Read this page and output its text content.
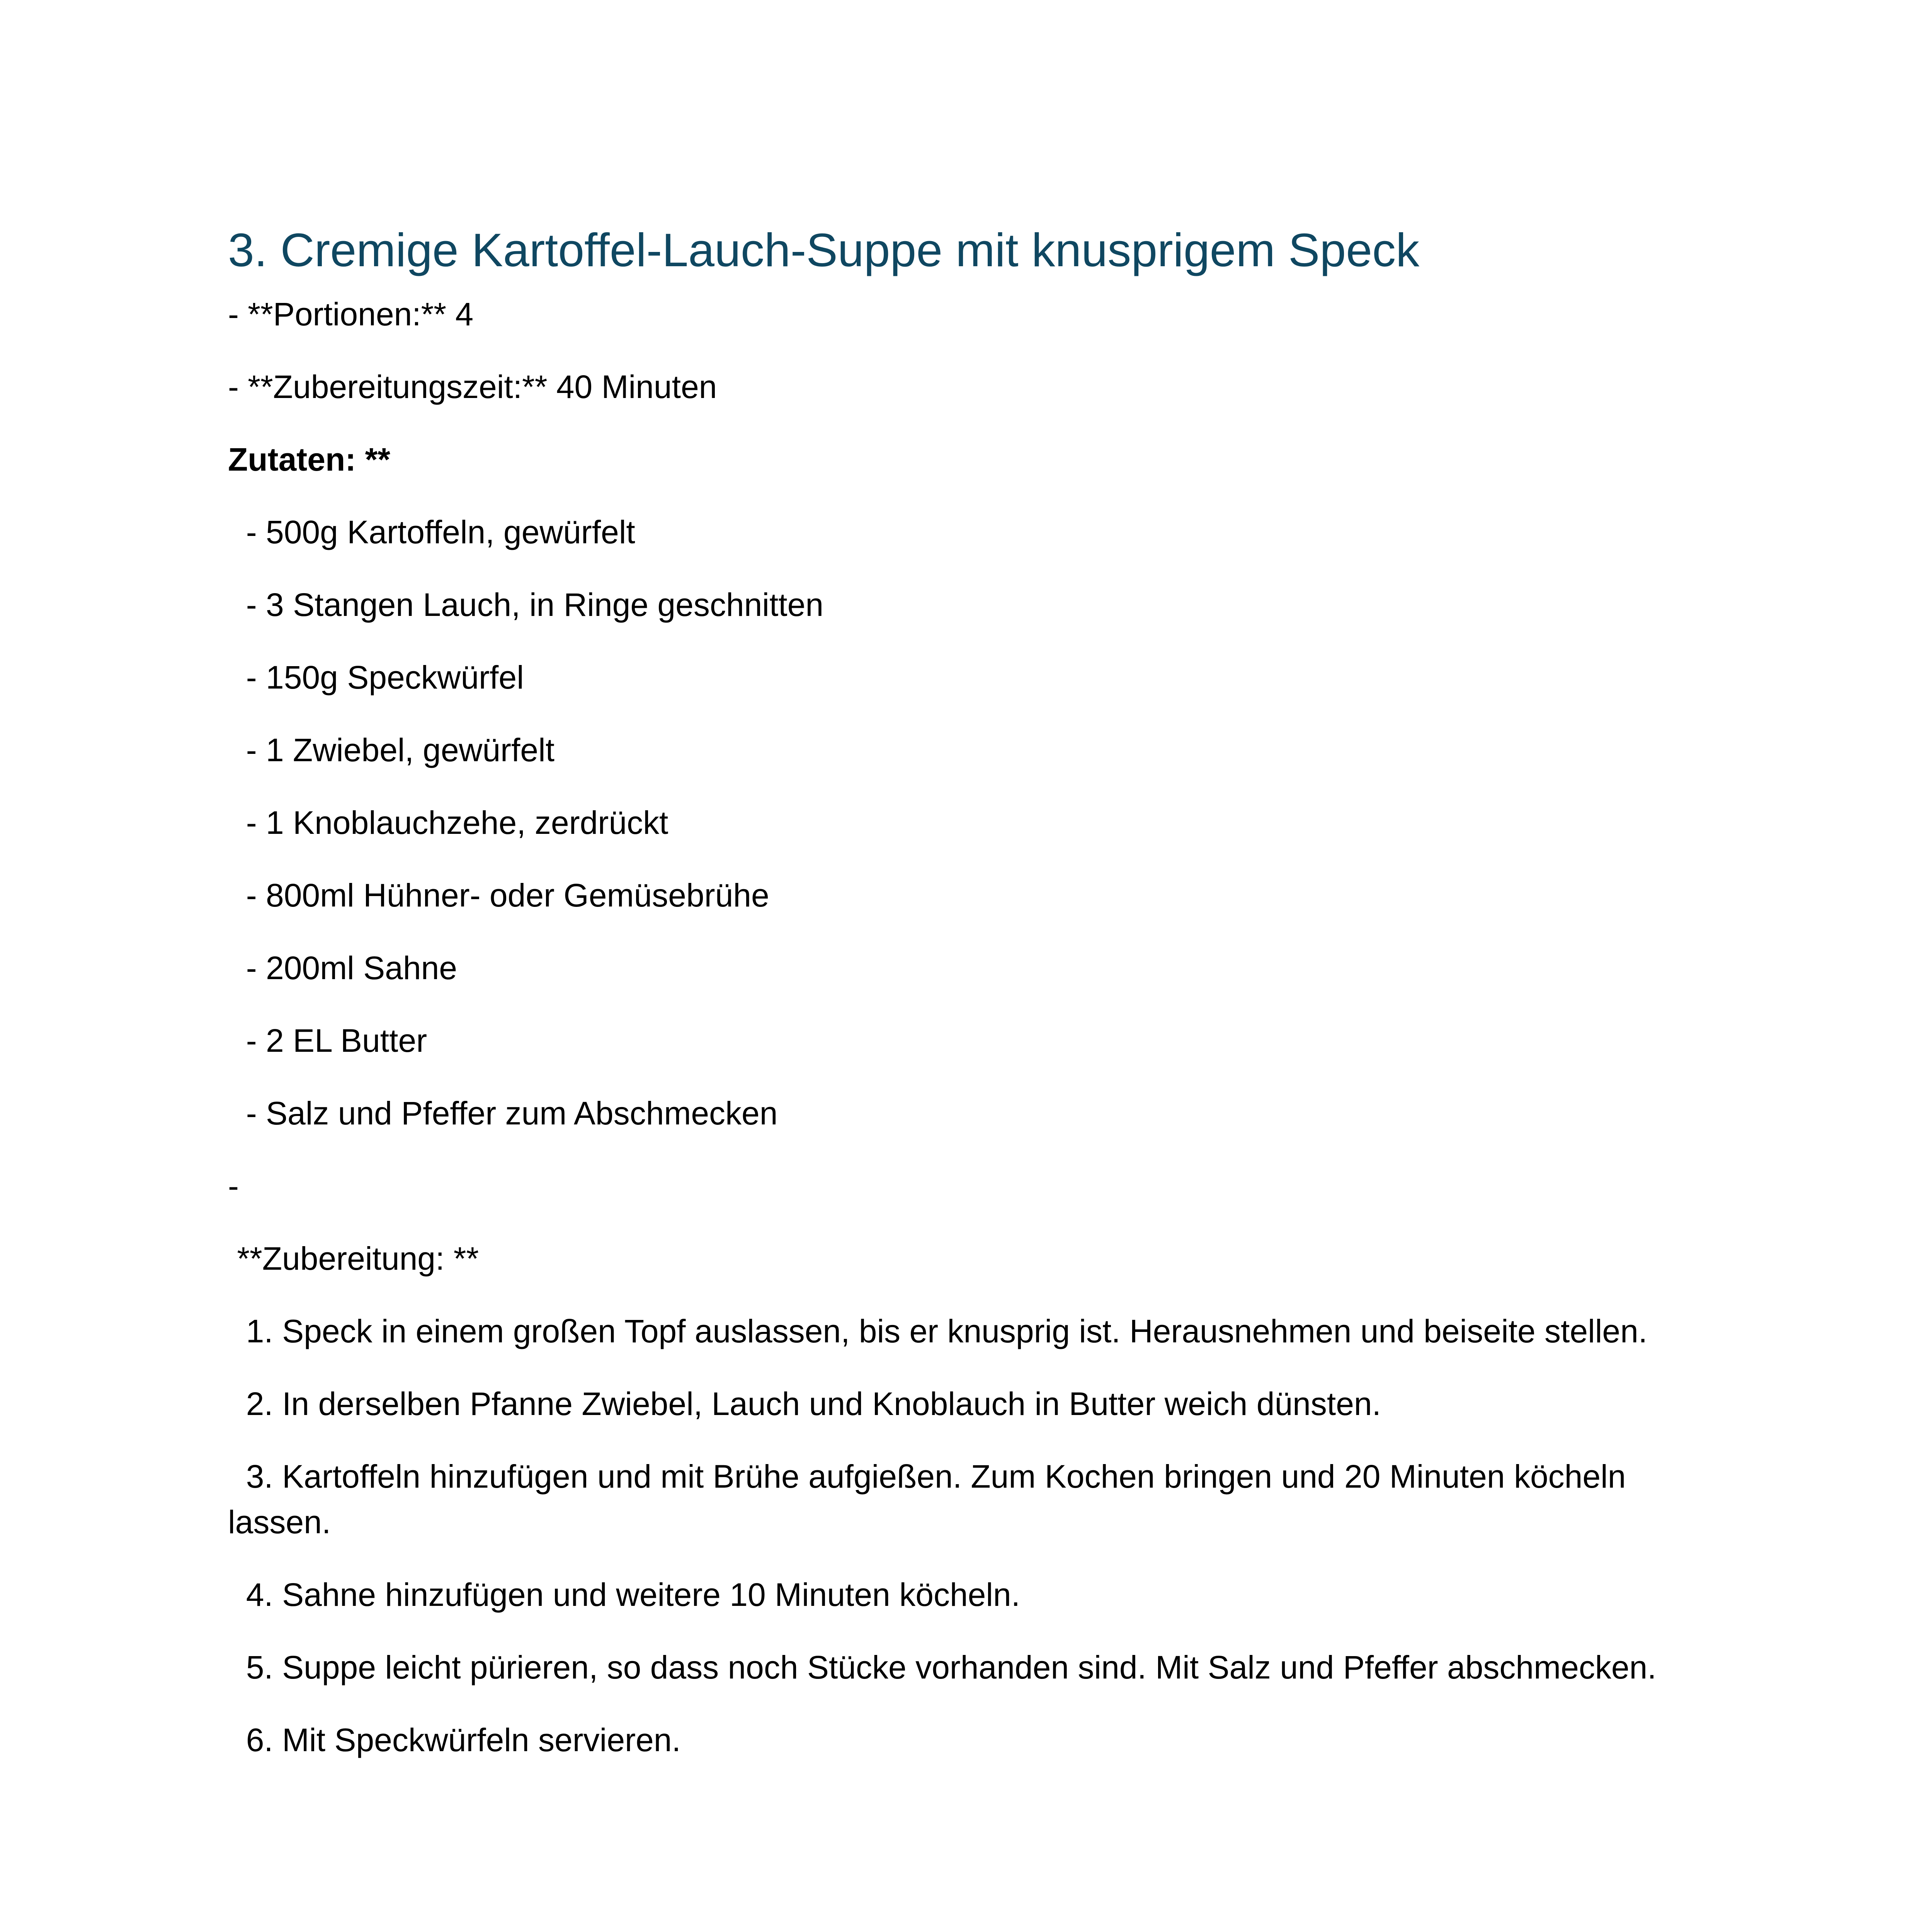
3. Cremige Kartoffel-Lauch-Suppe mit knusprigem Speck

- **Portionen:** 4

- **Zubereitungszeit:** 40 Minuten

Zutaten: **

- 500g Kartoffeln, gewürfelt

- 3 Stangen Lauch, in Ringe geschnitten

- 150g Speckwürfel

- 1 Zwiebel, gewürfelt

- 1 Knoblauchzehe, zerdrückt

- 800ml Hühner- oder Gemüsebrühe

- 200ml Sahne

- 2 EL Butter

- Salz und Pfeffer zum Abschmecken

-

**Zubereitung: **

1. Speck in einem großen Topf auslassen, bis er knusprig ist. Herausnehmen und beiseite stellen.

2. In derselben Pfanne Zwiebel, Lauch und Knoblauch in Butter weich dünsten.

3. Kartoffeln hinzufügen und mit Brühe aufgießen. Zum Kochen bringen und 20 Minuten köcheln lassen.

4. Sahne hinzufügen und weitere 10 Minuten köcheln.

5. Suppe leicht pürieren, so dass noch Stücke vorhanden sind. Mit Salz und Pfeffer abschmecken.

6. Mit Speckwürfeln servieren.
